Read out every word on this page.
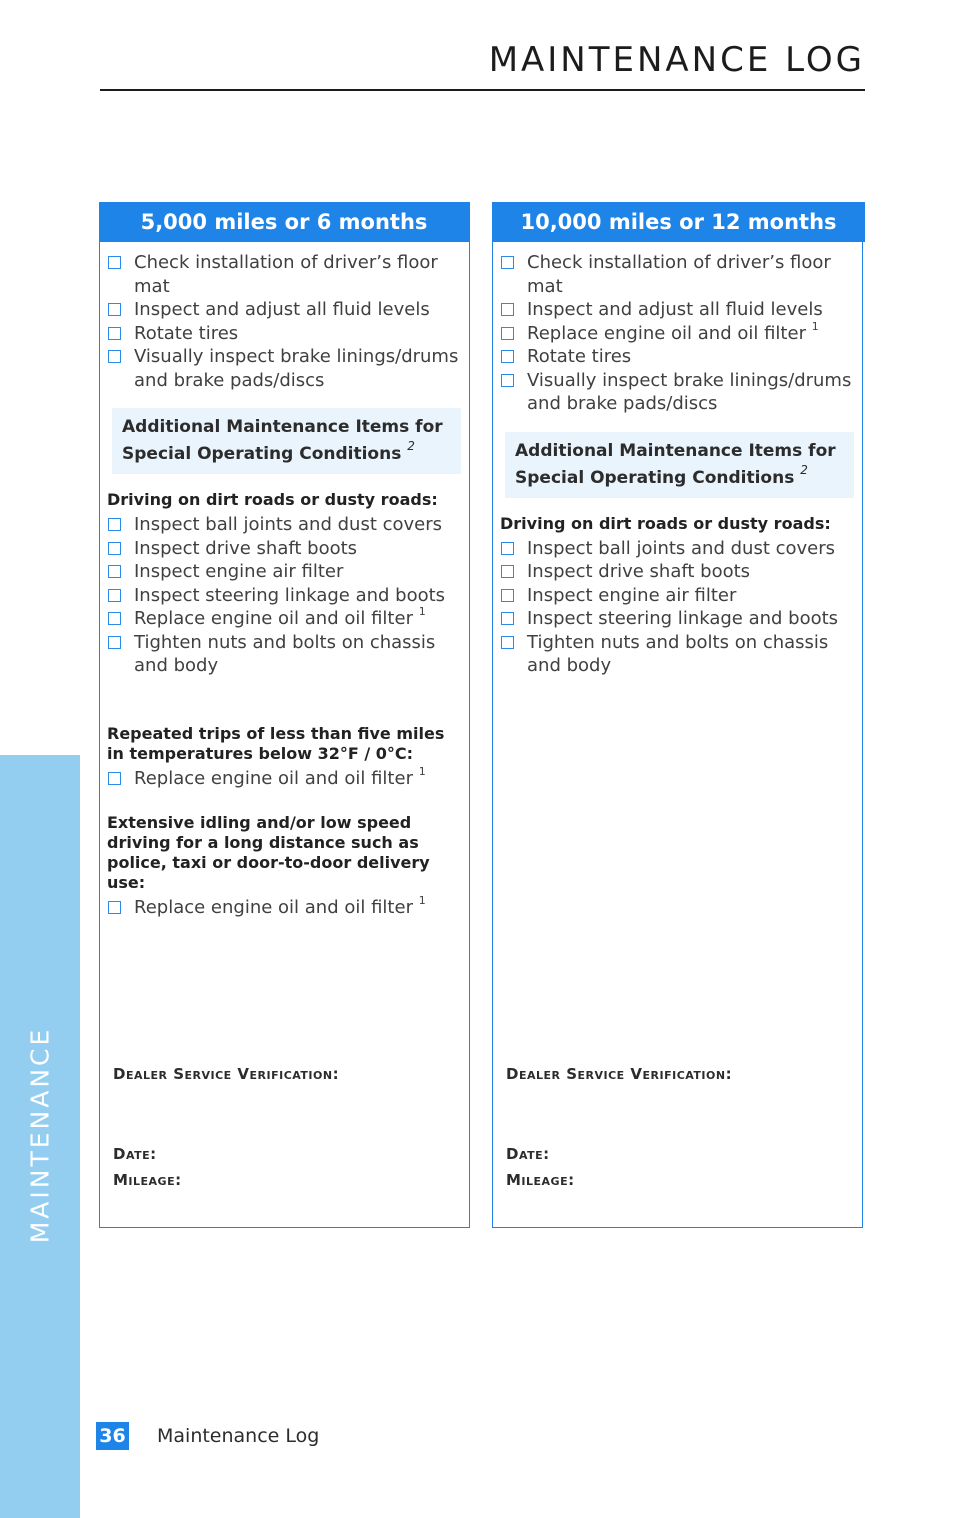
MAINTENANCE
MAINTENANCE LOG
5,000 miles or 6 months
Check installation of driver’s floor mat
Inspect and adjust all fluid levels
Rotate tires
Visually inspect brake linings/drums and brake pads/discs
Additional Maintenance Items for Special Operating Conditions $^2$
Driving on dirt roads or dusty roads:
Inspect ball joints and dust covers
Inspect drive shaft boots
Inspect engine air filter
Inspect steering linkage and boots
Replace engine oil and oil filter $^1$
Tighten nuts and bolts on chassis and body
Repeated trips of less than five miles in temperatures below 32°F / 0°C:
Replace engine oil and oil filter $^1$
Extensive idling and/or low speed driving for a long distance such as police, taxi or door-to-door delivery use:
Replace engine oil and oil filter $^1$
Dealer Service Verification:
Date:
Mileage:
10,000 miles or 12 months
Check installation of driver’s floor mat
Inspect and adjust all fluid levels
Replace engine oil and oil filter $^1$
Rotate tires
Visually inspect brake linings/drums and brake pads/discs
Additional Maintenance Items for Special Operating Conditions $^2$
Driving on dirt roads or dusty roads:
Inspect ball joints and dust covers
Inspect drive shaft boots
Inspect engine air filter
Inspect steering linkage and boots
Tighten nuts and bolts on chassis and body
Dealer Service Verification:
Date:
Mileage:
36 Maintenance Log
